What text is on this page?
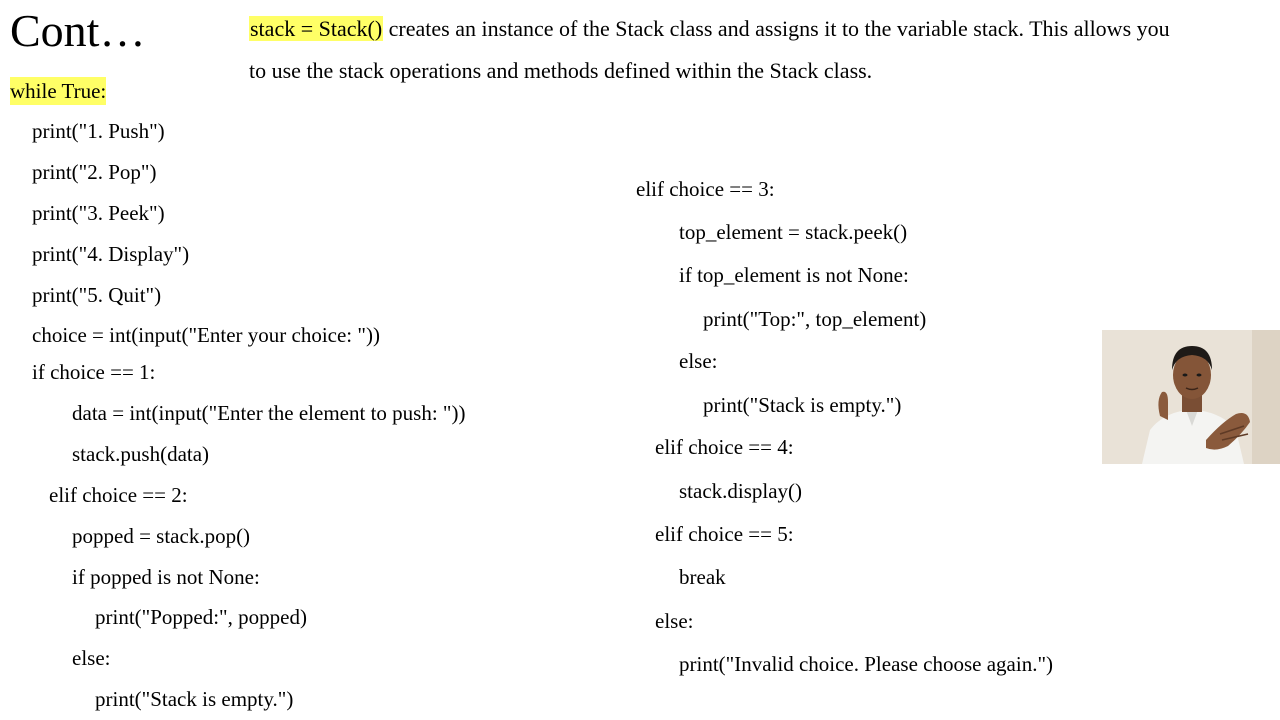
Cont…	stack = Stack() creates an instance of the Stack class and assigns it to the variable stack. This allows you

to use the stack operations and methods defined within the Stack class.

while True:
print("1. Push")
print("2. Pop")
print("3. Peek")
print("4. Display")
print("5. Quit")
choice = int(input("Enter your choice: "))
if choice == 1:
data = int(input("Enter the element to push: "))
stack.push(data)
elif choice == 2:
popped = stack.pop()
if popped is not None:
print("Popped:", popped)
else:
print("Stack is empty.")
elif choice == 3:
top_element = stack.peek()
if top_element is not None:
print("Top:", top_element)
else:
print("Stack is empty.")
elif choice == 4:
stack.display()
elif choice == 5:
break
else:
print("Invalid choice. Please choose again.")
